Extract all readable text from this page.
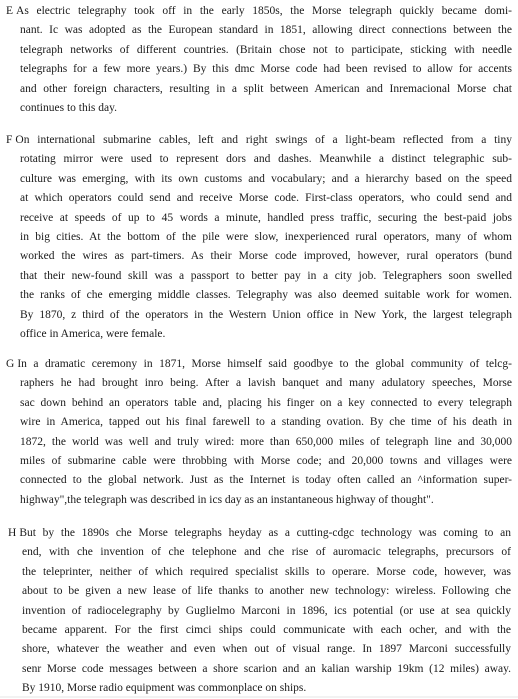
E As electric telegraphy took off in the early 1850s, the Morse telegraph quickly became domi-
nant. Ic was adopted as the European standard in 1851, allowing direct connections between the
telegraph networks of different countries. (Britain chose not to participate, sticking with needle
telegraphs for a few more years.) By this dmc Morse code had been revised to allow for accents
and other foreign characters, resulting in a split between American and Inremacional Morse chat
continues to this day.
F On international submarine cables, left and right swings of a light-beam reflected from a tiny
rotating mirror were used to represent dors and dashes. Meanwhile a distinct telegraphic sub-
culture was emerging, with its own customs and vocabulary; and a hierarchy based on the speed
at which operators could send and receive Morse code. First-class operators, who could send and
receive at speeds of up to 45 words a minute, handled press traffic, securing the best-paid jobs
in big cities. At the bottom of the pile were slow, inexperienced rural operators, many of whom
worked the wires as part-timers. As their Morse code improved, however, rural operators (bund
that their new-found skill was a passport to better pay in a city job. Telegraphers soon swelled
the ranks of che emerging middle classes. Telegraphy was also deemed suitable work for women.
By 1870, z third of the operators in the Western Union office in New York, the largest telegraph
office in America, were female.
G In a dramatic ceremony in 1871, Morse himself said goodbye to the global community of telcg-
raphers he had brought inro being. After a lavish banquet and many adulatory speeches, Morse
sac down behind an operators table and, placing his finger on a key connected to every telegraph
wire in America, tapped out his final farewell to a standing ovation. By che time of his death in
1872, the world was well and truly wired: more than 650,000 miles of telegraph line and 30,000
miles of submarine cable were throbbing with Morse code; and 20,000 towns and villages were
connected to the global network. Just as the Internet is today often called an ^information super-
highway",the telegraph was described in ics day as an instantaneous highway of thought".
H But by the 1890s che Morse telegraphs heyday as a cutting-cdgc technology was coming to an
end, with che invention of che telephone and che rise of auromacic telegraphs, precursors of
the teleprinter, neither of which required specialist skills to operare. Morse code, however, was
about to be given a new lease of life thanks to another new technology: wireless. Following che
invention of radiocelegraphy by Guglielmo Marconi in 1896, ics potential (or use at sea quickly
became apparent. For the first cimci ships could communicate with each ocher, and with the
shore, whatever the weather and even when out of visual range. In 1897 Marconi successfully
senr Morse code messages between a shore scarion and an kalian warship 19km (12 miles) away.
By 1910, Morse radio equipment was commonplace on ships.
